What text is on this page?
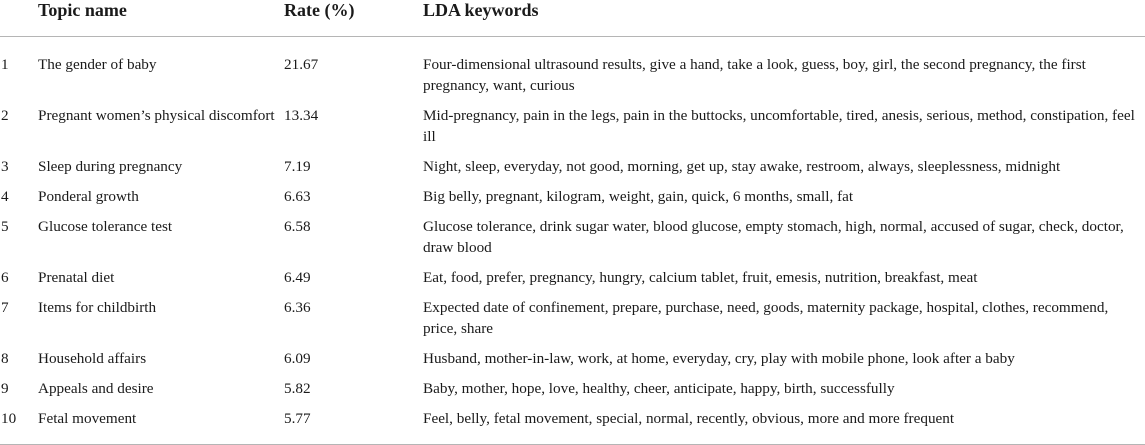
	Topic name	Rate (%)	LDA keywords
1	The gender of baby	21.67	Four-dimensional ultrasound results, give a hand, take a look, guess, boy, girl, the second pregnancy, the first pregnancy, want, curious
2	Pregnant women’s physical discomfort	13.34	Mid-pregnancy, pain in the legs, pain in the buttocks, uncomfortable, tired, anesis, serious, method, constipation, feel ill
3	Sleep during pregnancy	7.19	Night, sleep, everyday, not good, morning, get up, stay awake, restroom, always, sleeplessness, midnight
4	Ponderal growth	6.63	Big belly, pregnant, kilogram, weight, gain, quick, 6 months, small, fat
5	Glucose tolerance test	6.58	Glucose tolerance, drink sugar water, blood glucose, empty stomach, high, normal, accused of sugar, check, doctor, draw blood
6	Prenatal diet	6.49	Eat, food, prefer, pregnancy, hungry, calcium tablet, fruit, emesis, nutrition, breakfast, meat
7	Items for childbirth	6.36	Expected date of confinement, prepare, purchase, need, goods, maternity package, hospital, clothes, recommend, price, share
8	Household affairs	6.09	Husband, mother-in-law, work, at home, everyday, cry, play with mobile phone, look after a baby
9	Appeals and desire	5.82	Baby, mother, hope, love, healthy, cheer, anticipate, happy, birth, successfully
10	Fetal movement	5.77	Feel, belly, fetal movement, special, normal, recently, obvious, more and more frequent
